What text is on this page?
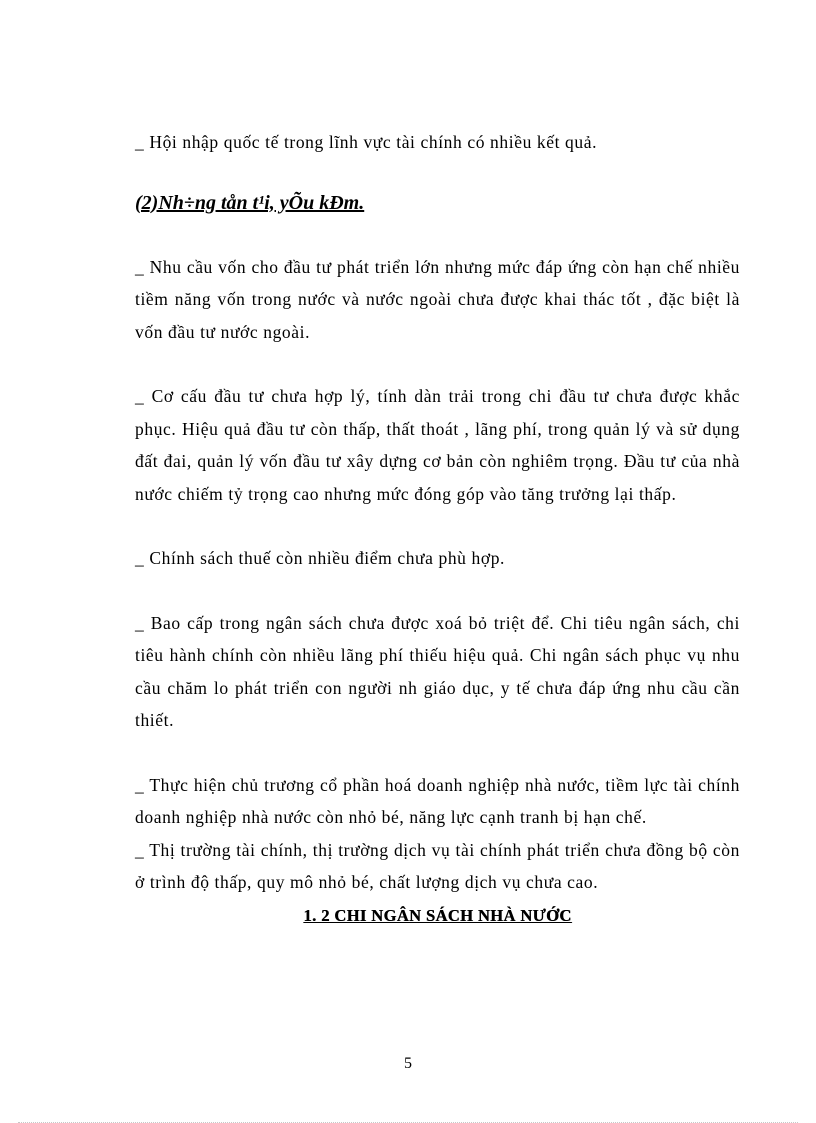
_ Hội nhập quốc tế trong lĩnh vực tài chính có nhiều kết quả.

(2)Nh÷ng tån t¹i, yÕu kÐm.

_ Nhu cầu vốn cho đầu tư phát triển lớn nhưng mức đáp ứng còn hạn chế nhiều tiềm năng vốn trong nước và nước ngoài chưa được khai thác tốt , đặc biệt là vốn đầu tư nước ngoài.

_ Cơ cấu đầu tư chưa hợp lý, tính dàn trải trong chi đầu tư chưa được khắc phục. Hiệu quả đầu tư còn thấp, thất thoát , lãng phí, trong quản lý và sử dụng đất đai, quản lý vốn đầu tư xây dựng cơ bản còn nghiêm trọng. Đầu tư của nhà nước chiếm tỷ trọng cao nhưng mức đóng góp vào tăng trưởng lại thấp.

_ Chính sách thuế còn nhiều điểm chưa phù hợp.

_ Bao cấp trong ngân sách chưa được xoá bỏ triệt để. Chi tiêu ngân sách, chi tiêu hành chính còn nhiều lãng phí thiếu hiệu quả. Chi ngân sách phục vụ nhu cầu chăm lo phát triển con người nh giáo dục, y tế chưa đáp ứng nhu cầu cần thiết.

_ Thực hiện chủ trương cổ phần hoá doanh nghiệp nhà nước, tiềm lực tài chính doanh nghiệp nhà nước còn nhỏ bé, năng lực cạnh tranh bị hạn chế.

_ Thị trường tài chính, thị trường dịch vụ tài chính phát triển chưa đồng bộ còn ở trình độ thấp, quy mô nhỏ bé, chất lượng dịch vụ chưa cao.

1. 2 CHI NGÂN SÁCH NHÀ NƯỚC

5
